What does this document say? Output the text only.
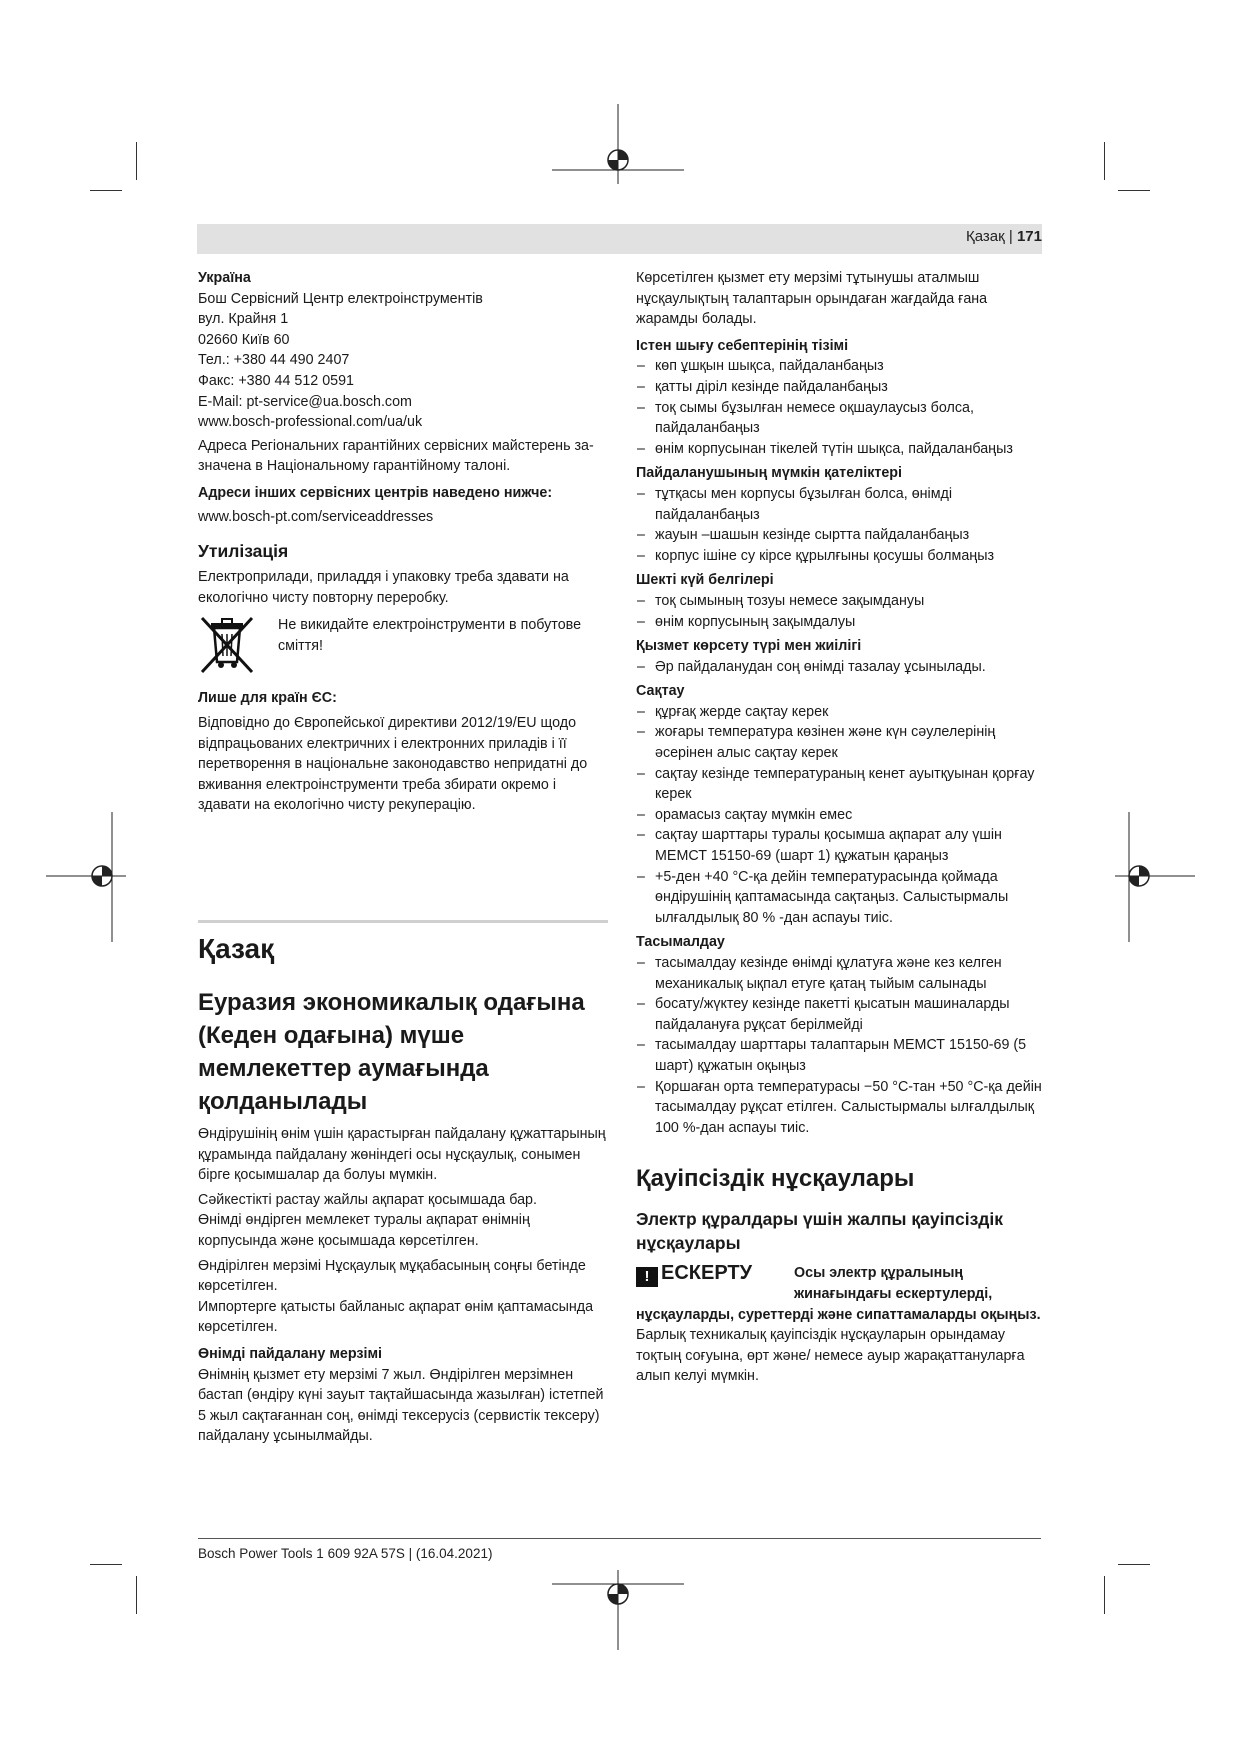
Қазақ | 171

Україна

Бош Сервісний Центр електроінструментів

вул. Крайня 1

02660 Київ 60

Тел.: +380 44 490 2407

Факс: +380 44 512 0591

E-Mail: pt-service@ua.bosch.com

www.bosch-professional.com/ua/uk

Адреса Регіональних гарантійних сервісних майстерень за- значена в Національному гарантійному талоні.

Адреси інших сервісних центрів наведено нижче:

www.bosch-pt.com/serviceaddresses

Утилізація

Електроприлади, приладдя і упаковку треба здавати на екологічно чисту повторну переробку.

Не викидайте електроінструменти в побутове сміття!

Лише для країн ЄС:

Відповідно до Європейської директиви 2012/19/EU щодо відпрацьованих електричних і електронних приладів і її перетворення в національне законодавство непридатні до вживання електроінструменти треба збирати окремо і здавати на екологічно чисту рекуперацію.

Қазақ

Еуразия экономикалық одағына (Кеден одағына) мүше мемлекеттер аумағында қолданылады

Өндірушінің өнім үшін қарастырған пайдалану құжаттарының құрамында пайдалану жөніндегі осы нұсқаулық, сонымен бірге қосымшалар да болуы мүмкін.

Сәйкестікті растау жайлы ақпарат қосымшада бар.

Өнімді өндірген мемлекет туралы ақпарат өнімнің корпусында және қосымшада көрсетілген.

Өндірілген мерзімі Нұсқаулық мұқабасының соңғы бетінде көрсетілген.

Импортерге қатысты байланыс ақпарат өнім қаптамасында көрсетілген.

Өнімді пайдалану мерзімі

Өнімнің қызмет ету мерзімі 7 жыл. Өндірілген мерзімнен бастап (өндіру күні зауыт тақтайшасында жазылған) істетпей 5 жыл сақтағаннан соң, өнімді тексерусіз (сервистік тексеру) пайдалану ұсынылмайды.

Көрсетілген қызмет ету мерзімі тұтынушы аталмыш нұсқаулықтың талаптарын орындаған жағдайда ғана жарамды болады.

Істен шығу себептерінің тізімі

– көп ұшқын шықса, пайдаланбаңыз

– қатты діріл кезінде пайдаланбаңыз

– тоқ сымы бұзылған немесе оқшаулаусыз болса, пайдаланбаңыз

– өнім корпусынан тікелей түтін шықса, пайдаланбаңыз

Пайдаланушының мүмкін қателіктері

– тұтқасы мен корпусы бұзылған болса, өнімді пайдаланбаңыз

– жауын –шашын кезінде сыртта пайдаланбаңыз

– корпус ішіне су кірсе құрылғыны қосушы болмаңыз

Шекті күй белгілері

– тоқ сымының тозуы немесе зақымдануы

– өнім корпусының зақымдалуы

Қызмет көрсету түрі мен жиілігі

– Әр пайдаланудан соң өнімді тазалау ұсынылады.

Сақтау

– құрғақ жерде сақтау керек

– жоғары температура көзінен және күн сәулелерінің әсерінен алыс сақтау керек

– сақтау кезінде температураның кенет ауытқуынан қорғау керек

– орамасыз сақтау мүмкін емес

– сақтау шарттары туралы қосымша ақпарат алу үшін МЕМСТ 15150-69 (шарт 1) құжатын қараңыз

– +5-ден +40 °C-қа дейін температурасында қоймада өндірушінің қаптамасында сақтаңыз. Салыстырмалы ылғалдылық 80 % -дан аспауы тиіс.

Тасымалдау

– тасымалдау кезінде өнімді құлатуға және кез келген механикалық ықпал етуге қатаң тыйым салынады

– босату/жүктеу кезінде пакетті қысатын машиналарды пайдалануға рұқсат берілмейді

– тасымалдау шарттары талаптарын МЕМСТ 15150-69 (5 шарт) құжатын оқыңыз

– Қоршаған орта температурасы −50 °C-тан +50 °C-қа дейін тасымалдау рұқсат етілген. Салыстырмалы ылғалдылық 100 %-дан аспауы тиіс.

Қауіпсіздік нұсқаулары

Электр құралдары үшін жалпы қауіпсіздік нұсқаулары

! ЕСКЕРТУ	Осы электр құралының

жинағындағы ескертулерді,

нұсқауларды, суреттерді және сипаттамаларды оқыңыз.  Барлық техникалық қауіпсіздік нұсқауларын орындамау тоқтың соғуына, өрт және/ немесе ауыр жарақаттануларға алып келуі мүмкін.

Bosch Power Tools 1 609 92A 57S | (16.04.2021)
